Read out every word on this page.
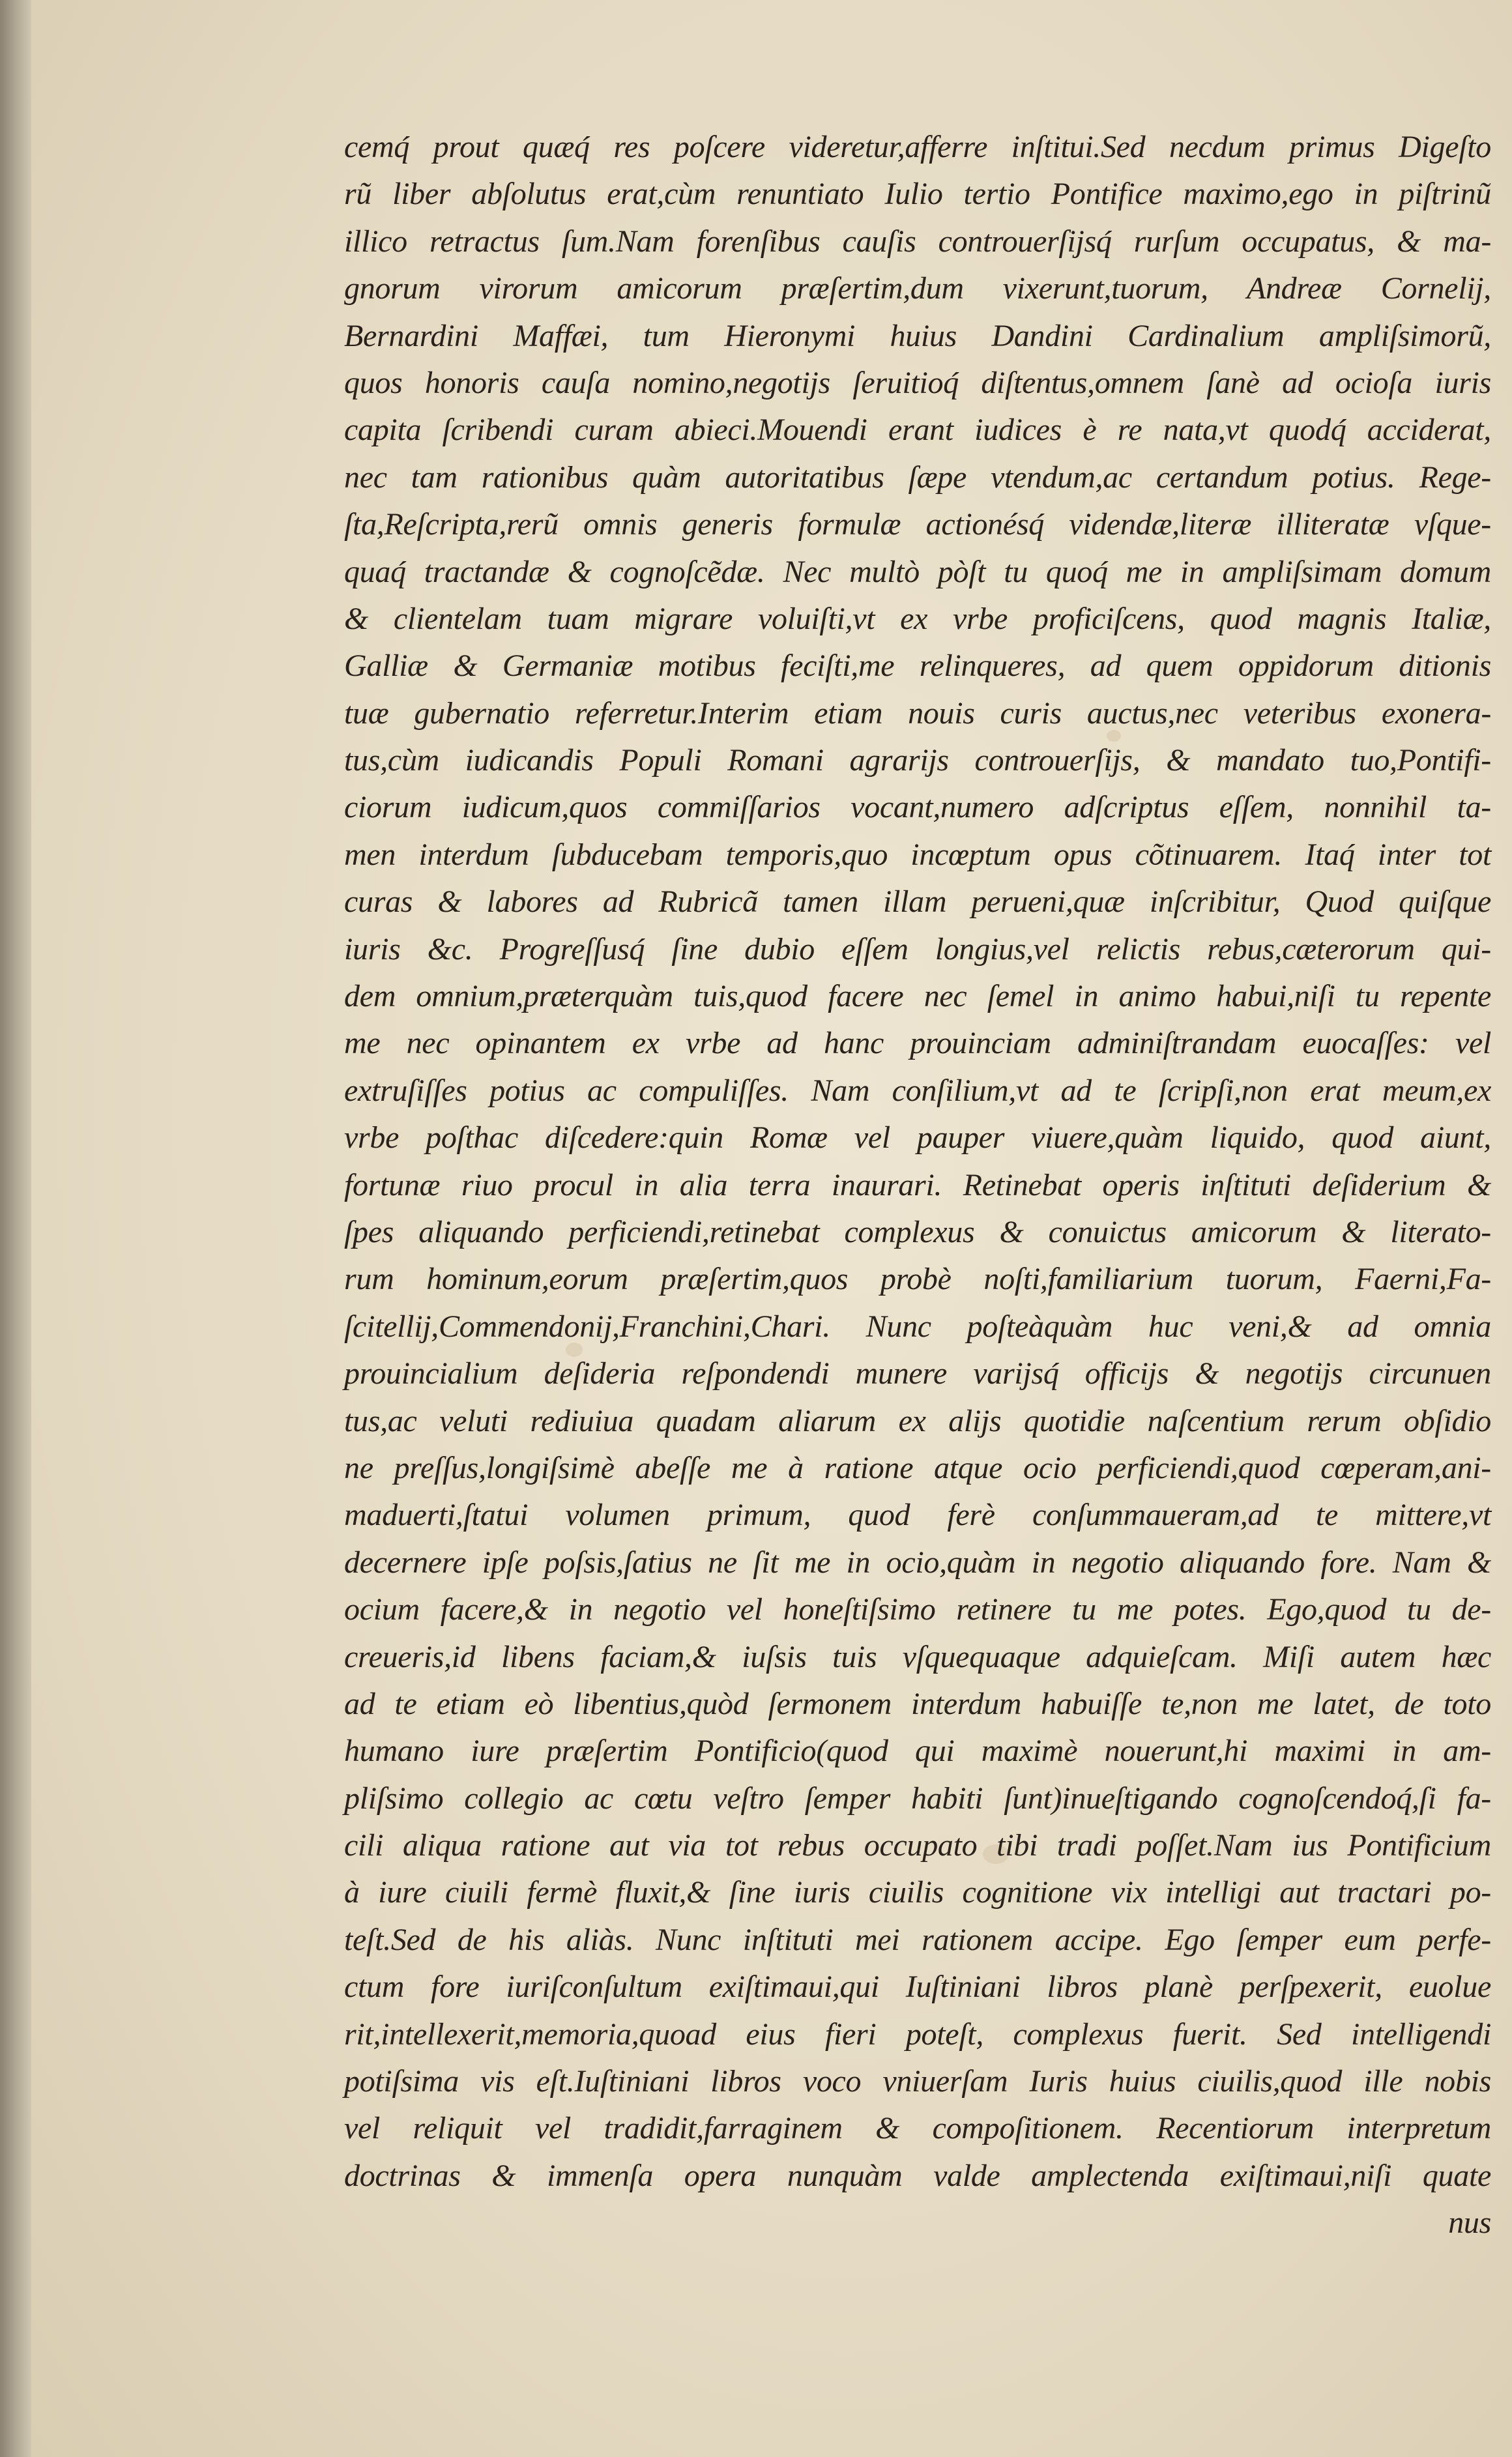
cemq́ prout quæq́ res poſcere videretur,afferre inſtitui.Sed necdum primus Digeſto
rũ liber abſolutus erat,cùm renuntiato Iulio tertio Pontifice maximo,ego in piſtrinũ
illico retractus ſum.Nam forenſibus cauſis controuerſijsq́ rurſum occupatus, & ma-
gnorum virorum amicorum præſertim,dum vixerunt,tuorum, Andreæ Cornelij,
Bernardini Maffæi, tum Hieronymi huius Dandini Cardinalium ampliſsimorũ,
quos honoris cauſa nomino,negotijs ſeruitioq́ diſtentus,omnem ſanè ad ocioſa iuris
capita ſcribendi curam abieci.Mouendi erant iudices è re nata,vt quodq́ acciderat,
nec tam rationibus quàm autoritatibus ſæpe vtendum,ac certandum potius. Rege-
ſta,Reſcripta,rerũ omnis generis formulæ actionésq́ videndæ,literæ illiteratæ vſque-
quaq́ tractandæ & cognoſcẽdæ. Nec multò pòſt tu quoq́ me in ampliſsimam domum
& clientelam tuam migrare voluiſti,vt ex vrbe proficiſcens, quod magnis Italiæ,
Galliæ & Germaniæ motibus feciſti,me relinqueres, ad quem oppidorum ditionis
tuæ gubernatio referretur.Interim etiam nouis curis auctus,nec veteribus exonera-
tus,cùm iudicandis Populi Romani agrarijs controuerſijs, & mandato tuo,Pontifi-
ciorum iudicum,quos commiſſarios vocant,numero adſcriptus eſſem, nonnihil ta-
men interdum ſubducebam temporis,quo incœptum opus cõtinuarem. Itaq́ inter tot
curas & labores ad Rubricã tamen illam perueni,quæ inſcribitur, Quod quiſque
iuris &c. Progreſſusq́ ſine dubio eſſem longius,vel relictis rebus,cæterorum qui-
dem omnium,præterquàm tuis,quod facere nec ſemel in animo habui,niſi tu repente
me nec opinantem ex vrbe ad hanc prouinciam adminiſtrandam euocaſſes: vel
extruſiſſes potius ac compuliſſes. Nam conſilium,vt ad te ſcripſi,non erat meum,ex
vrbe poſthac diſcedere:quin Romæ vel pauper viuere,quàm liquido, quod aiunt,
fortunæ riuo procul in alia terra inaurari. Retinebat operis inſtituti deſiderium &
ſpes aliquando perficiendi,retinebat complexus & conuictus amicorum & literato-
rum hominum,eorum præſertim,quos probè noſti,familiarium tuorum, Faerni,Fa-
ſcitellij,Commendonij,Franchini,Chari. Nunc poſteàquàm huc veni,& ad omnia
prouincialium deſideria reſpondendi munere varijsq́ officijs & negotijs circunuen
tus,ac veluti rediuiua quadam aliarum ex alijs quotidie naſcentium rerum obſidio
ne preſſus,longiſsimè abeſſe me à ratione atque ocio perficiendi,quod cœperam,ani-
maduerti,ſtatui volumen primum, quod ferè conſummaueram,ad te mittere,vt
decernere ipſe poſsis,ſatius ne ſit me in ocio,quàm in negotio aliquando fore. Nam &
ocium facere,& in negotio vel honeſtiſsimo retinere tu me potes. Ego,quod tu de-
creueris,id libens faciam,& iuſsis tuis vſquequaque adquieſcam. Miſi autem hæc
ad te etiam eò libentius,quòd ſermonem interdum habuiſſe te,non me latet, de toto
humano iure præſertim Pontificio(quod qui maximè nouerunt,hi maximi in am-
pliſsimo collegio ac cœtu veſtro ſemper habiti ſunt)inueſtigando cognoſcendoq́,ſi fa-
cili aliqua ratione aut via tot rebus occupato tibi tradi poſſet.Nam ius Pontificium
à iure ciuili fermè fluxit,& ſine iuris ciuilis cognitione vix intelligi aut tractari po-
teſt.Sed de his aliàs. Nunc inſtituti mei rationem accipe. Ego ſemper eum perfe-
ctum fore iuriſconſultum exiſtimaui,qui Iuſtiniani libros planè perſpexerit, euolue
rit,intellexerit,memoria,quoad eius fieri poteſt, complexus fuerit. Sed intelligendi
potiſsima vis eſt.Iuſtiniani libros voco vniuerſam Iuris huius ciuilis,quod ille nobis
vel reliquit vel tradidit,farraginem & compoſitionem. Recentiorum interpretum
doctrinas & immenſa opera nunquàm valde amplectenda exiſtimaui,niſi quate
nus
